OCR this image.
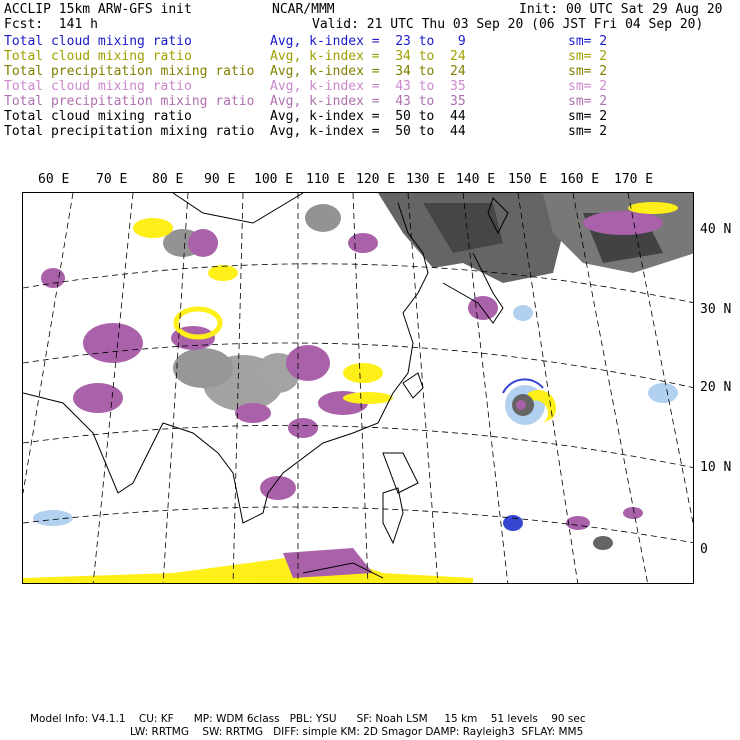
ACCLIP 15km ARW-GFS init	NCAR/MMM	Init: 00 UTC Sat 29 Aug 20
Fcst:  141 h	Valid: 21 UTC Thu 03 Sep 20 (06 JST Fri 04 Sep 20)
Total cloud mixing ratio	Avg, k-index =  23 to   9	sm= 2
Total cloud mixing ratio	Avg, k-index =  34 to  24	sm= 2
Total precipitation mixing ratio Avg, k-index =  34 to  24	sm= 2
Total cloud mixing ratio	Avg, k-index =  43 to  35	sm= 2
Total precipitation mixing ratio Avg, k-index =  43 to  35	sm= 2
Total cloud mixing ratio	Avg, k-index =  50 to  44	sm= 2
Total precipitation mixing ratio Avg, k-index =  50 to  44	sm= 2
60 E 70 E 80 E 90 E 100 E 110 E 120 E 130 E 140 E 150 E 160 E 170 E
40 N
30 N
20 N
10 N
0
Model Info: V4.1.1    CU: KF      MP: WDM 6class   PBL: YSU      SF: Noah LSM     15 km    51 levels    90 sec
LW: RRTMG    SW: RRTMG   DIFF: simple KM: 2D Smagor DAMP: Rayleigh3  SFLAY: MM5
